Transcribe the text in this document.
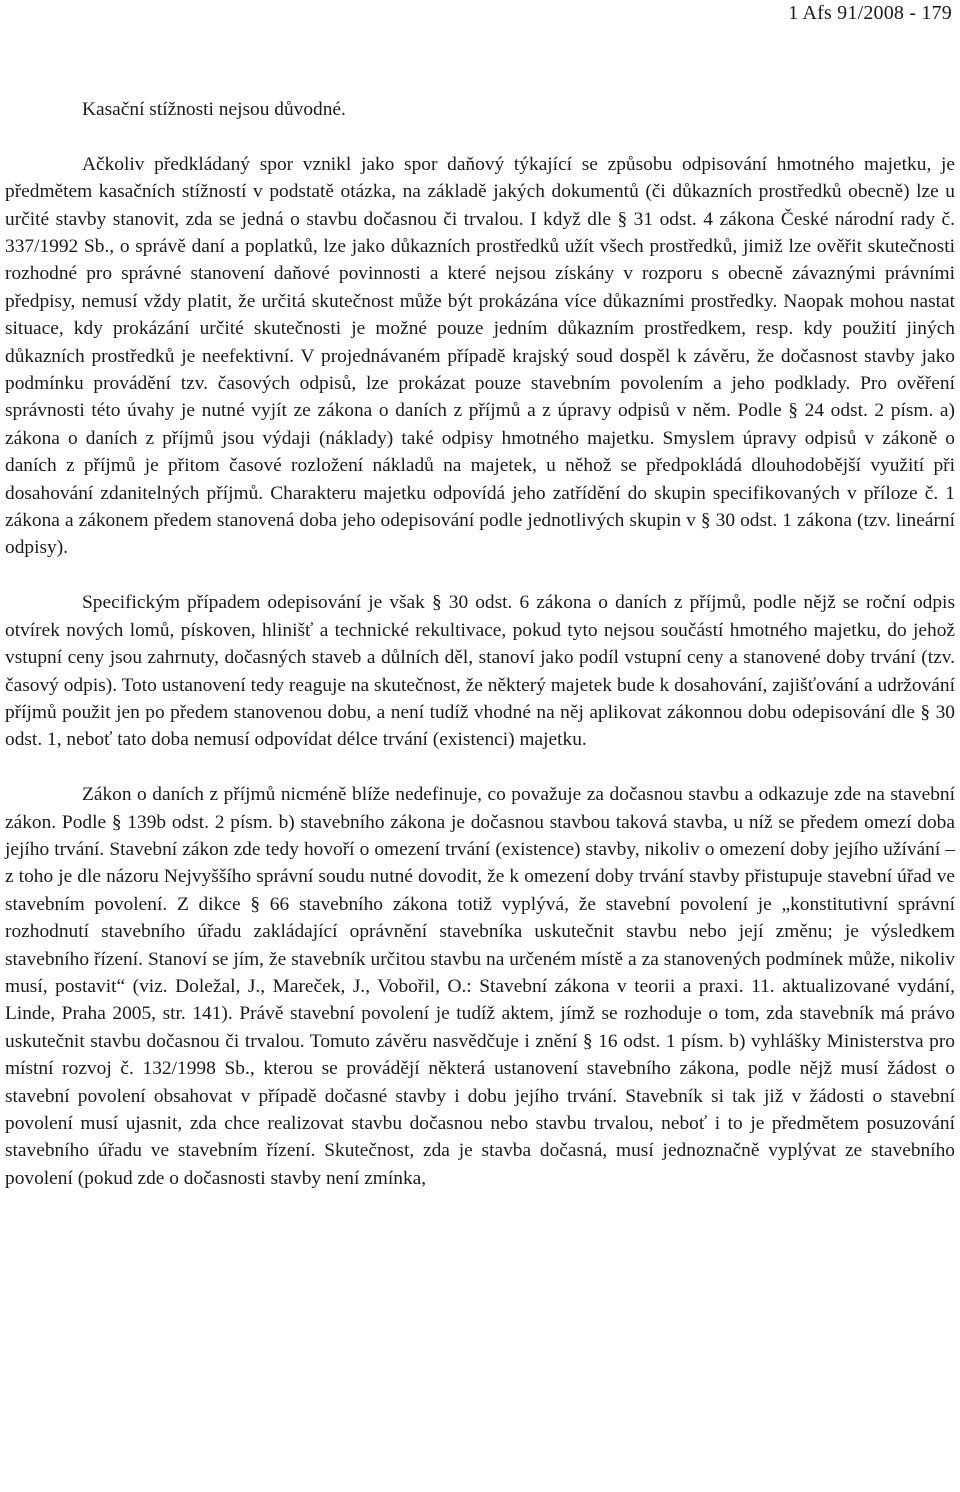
1 Afs 91/2008 - 179

Kasační stížnosti nejsou důvodné.

Ačkoliv předkládaný spor vznikl jako spor daňový týkající se způsobu odpisování hmotného majetku, je předmětem kasačních stížností v podstatě otázka, na základě jakých dokumentů (či důkazních prostředků obecně) lze u určité stavby stanovit, zda se jedná o stavbu dočasnou či trvalou. I když dle § 31 odst. 4 zákona České národní rady č. 337/1992 Sb., o správě daní a poplatků, lze jako důkazních prostředků užít všech prostředků, jimiž lze ověřit skutečnosti rozhodné pro správné stanovení daňové povinnosti a které nejsou získány v rozporu s obecně závaznými právními předpisy, nemusí vždy platit, že určitá skutečnost může být prokázána více důkazními prostředky. Naopak mohou nastat situace, kdy prokázání určité skutečnosti je možné pouze jedním důkazním prostředkem, resp. kdy použití jiných důkazních prostředků je neefektivní. V projednávaném případě krajský soud dospěl k závěru, že dočasnost stavby jako podmínku provádění tzv. časových odpisů, lze prokázat pouze stavebním povolením a jeho podklady. Pro ověření správnosti této úvahy je nutné vyjít ze zákona o daních z příjmů a z úpravy odpisů v něm. Podle § 24 odst. 2 písm. a) zákona o daních z příjmů jsou výdaji (náklady) také odpisy hmotného majetku. Smyslem úpravy odpisů v zákoně o daních z příjmů je přitom časové rozložení nákladů na majetek, u něhož se předpokládá dlouhodobější využití při dosahování zdanitelných příjmů. Charakteru majetku odpovídá jeho zatřídění do skupin specifikovaných v příloze č. 1 zákona a zákonem předem stanovená doba jeho odepisování podle jednotlivých skupin v § 30 odst. 1 zákona (tzv. lineární odpisy).

Specifickým případem odepisování je však § 30 odst. 6 zákona o daních z příjmů, podle nějž se roční odpis otvírek nových lomů, pískoven, hlinišť a technické rekultivace, pokud tyto nejsou součástí hmotného majetku, do jehož vstupní ceny jsou zahrnuty, dočasných staveb a důlních děl, stanoví jako podíl vstupní ceny a stanovené doby trvání (tzv. časový odpis). Toto ustanovení tedy reaguje na skutečnost, že některý majetek bude k dosahování, zajišťování a udržování příjmů použit jen po předem stanovenou dobu, a není tudíž vhodné na něj aplikovat zákonnou dobu odepisování dle § 30 odst. 1, neboť tato doba nemusí odpovídat délce trvání (existenci) majetku.

Zákon o daních z příjmů nicméně blíže nedefinuje, co považuje za dočasnou stavbu a odkazuje zde na stavební zákon. Podle § 139b odst. 2 písm. b) stavebního zákona je dočasnou stavbou taková stavba, u níž se předem omezí doba jejího trvání. Stavební zákon zde tedy hovoří o omezení trvání (existence) stavby, nikoliv o omezení doby jejího užívání – z toho je dle názoru Nejvyššího správní soudu nutné dovodit, že k omezení doby trvání stavby přistupuje stavební úřad ve stavebním povolení. Z dikce § 66 stavebního zákona totiž vyplývá, že stavební povolení je „konstitutivní správní rozhodnutí stavebního úřadu zakládající oprávnění stavebníka uskutečnit stavbu nebo její změnu; je výsledkem stavebního řízení. Stanoví se jím, že stavebník určitou stavbu na určeném místě a za stanovených podmínek může, nikoliv musí, postavit“ (viz. Doležal, J., Mareček, J., Vobořil, O.: Stavební zákona v teorii a praxi. 11. aktualizované vydání, Linde, Praha 2005, str. 141). Právě stavební povolení je tudíž aktem, jímž se rozhoduje o tom, zda stavebník má právo uskutečnit stavbu dočasnou či trvalou. Tomuto závěru nasvědčuje i znění § 16 odst. 1 písm. b) vyhlášky Ministerstva pro místní rozvoj č. 132/1998 Sb., kterou se provádějí některá ustanovení stavebního zákona, podle nějž musí žádost o stavební povolení obsahovat v případě dočasné stavby i dobu jejího trvání. Stavebník si tak již v žádosti o stavební povolení musí ujasnit, zda chce realizovat stavbu dočasnou nebo stavbu trvalou, neboť i to je předmětem posuzování stavebního úřadu ve stavebním řízení. Skutečnost, zda je stavba dočasná, musí jednoznačně vyplývat ze stavebního povolení (pokud zde o dočasnosti stavby není zmínka,
